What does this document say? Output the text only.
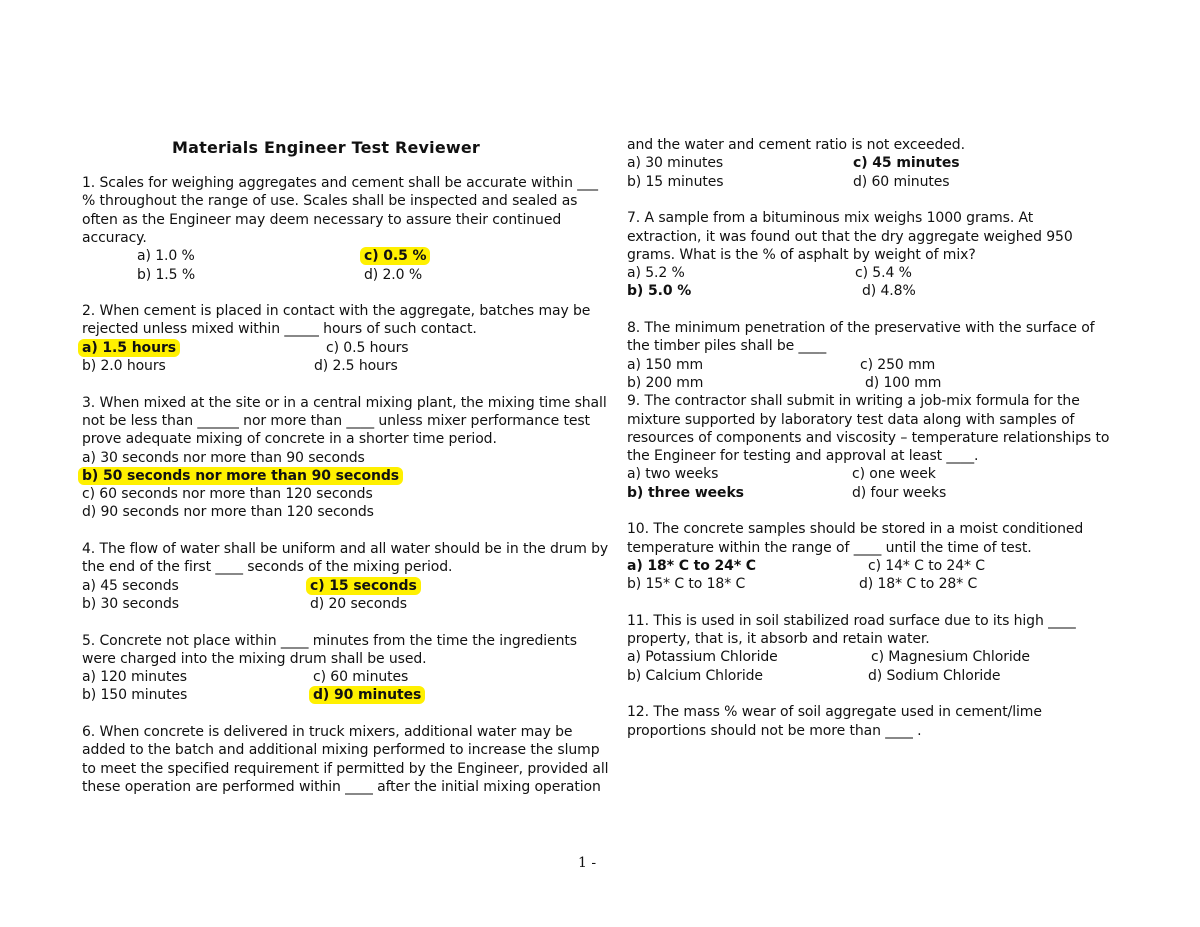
Materials Engineer Test Reviewer
1. Scales for weighing aggregates and cement shall be accurate within ___
% throughout the range of use. Scales shall be inspected and sealed as
often as the Engineer may deem necessary to assure their continued
accuracy.
a) 1.0 %	c) 0.5 %
b) 1.5 %	d) 2.0 %
2. When cement is placed in contact with the aggregate, batches may be
rejected unless mixed within _____ hours of such contact.
a) 1.5 hours	c) 0.5 hours
b) 2.0 hours	d) 2.5 hours
3. When mixed at the site or in a central mixing plant, the mixing time shall
not be less than ______ nor more than ____ unless mixer performance test
prove adequate mixing of concrete in a shorter time period.
a) 30 seconds nor more than 90 seconds
b) 50 seconds nor more than 90 seconds
c) 60 seconds nor more than 120 seconds
d) 90 seconds nor more than 120 seconds
4. The flow of water shall be uniform and all water should be in the drum by
the end of the first ____ seconds of the mixing period.
a) 45 seconds	c) 15 seconds
b) 30 seconds	d) 20 seconds
5. Concrete not place within ____ minutes from the time the ingredients
were charged into the mixing drum shall be used.
a) 120 minutes	c) 60 minutes
b) 150 minutes	d) 90 minutes
6. When concrete is delivered in truck mixers, additional water may be
added to the batch and additional mixing performed to increase the slump
to meet the specified requirement if permitted by the Engineer, provided all
these operation are performed within ____ after the initial mixing operation
and the water and cement ratio is not exceeded.
a) 30 minutes	c) 45 minutes
b) 15 minutes	d) 60 minutes
7. A sample from a bituminous mix weighs 1000 grams. At
extraction, it was found out that the dry aggregate weighed 950
grams. What is the % of asphalt by weight of mix?
a) 5.2 %	c) 5.4 %
b) 5.0 %	d) 4.8%
8. The minimum penetration of the preservative with the surface of
the timber piles shall be ____
a) 150 mm	c) 250 mm
b) 200 mm	d) 100 mm
9. The contractor shall submit in writing a job-mix formula for the
mixture supported by laboratory test data along with samples of
resources of components and viscosity – temperature relationships to
the Engineer for testing and approval at least ____.
a) two weeks	c) one week
b) three weeks	d) four weeks
10. The concrete samples should be stored in a moist conditioned
temperature within the range of ____ until the time of test.
a) 18* C to 24* C	c) 14* C to 24* C
b) 15* C to 18* C	d) 18* C to 28* C
11. This is used in soil stabilized road surface due to its high ____
property, that is, it absorb and retain water.
a) Potassium Chloride	c) Magnesium Chloride
b) Calcium Chloride	d) Sodium Chloride
12. The mass % wear of soil aggregate used in cement/lime
proportions should not be more than ____ .
1 -
